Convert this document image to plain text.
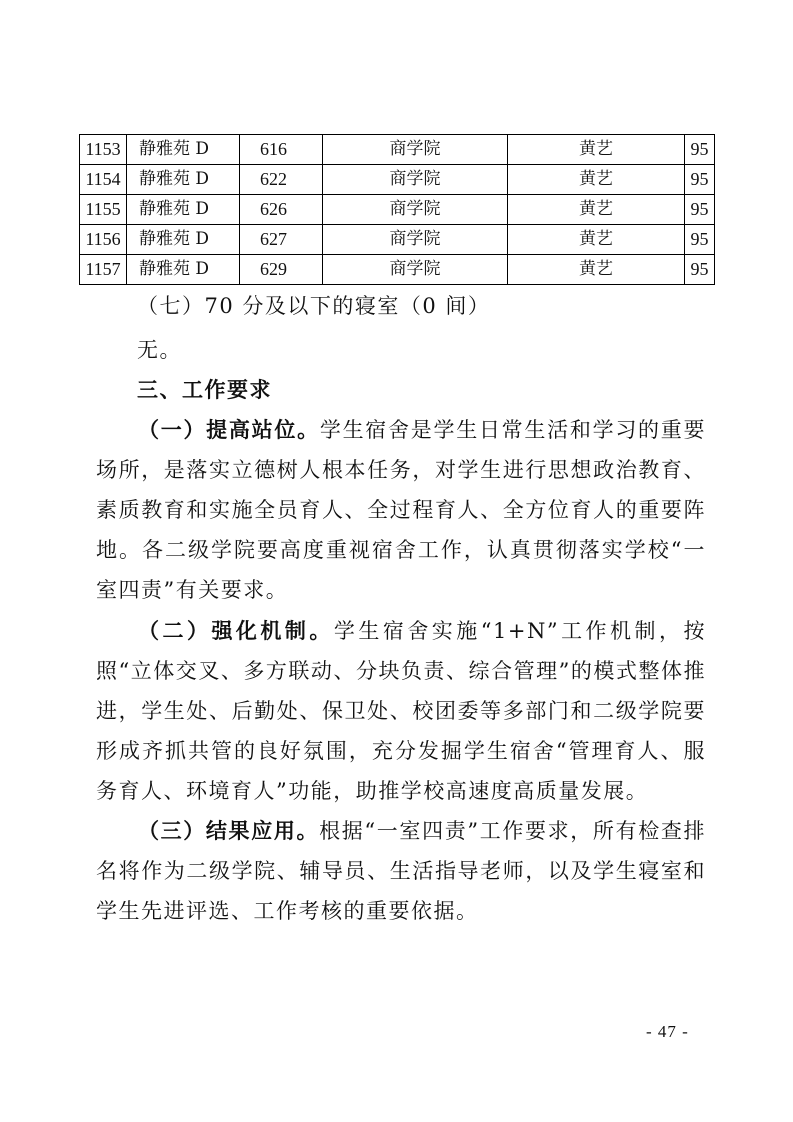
1153	静雅苑 D	616	商学院	黄艺	95
1154	静雅苑 D	622	商学院	黄艺	95
1155	静雅苑 D	626	商学院	黄艺	95
1156	静雅苑 D	627	商学院	黄艺	95
1157	静雅苑 D	629	商学院	黄艺	95

（七）70 分及以下的寝室（0 间）

无。

三、工作要求

（一）提高站位。学生宿舍是学生日常生活和学习的重要场所，是落实立德树人根本任务，对学生进行思想政治教育、素质教育和实施全员育人、全过程育人、全方位育人的重要阵地。各二级学院要高度重视宿舍工作，认真贯彻落实学校“一室四责”有关要求。

（二）强化机制。学生宿舍实施“1+N”工作机制，按照“立体交叉、多方联动、分块负责、综合管理”的模式整体推进，学生处、后勤处、保卫处、校团委等多部门和二级学院要形成齐抓共管的良好氛围，充分发掘学生宿舍“管理育人、服务育人、环境育人”功能，助推学校高速度高质量发展。

（三）结果应用。根据“一室四责”工作要求，所有检查排名将作为二级学院、辅导员、生活指导老师，以及学生寝室和学生先进评选、工作考核的重要依据。

- 47 -
